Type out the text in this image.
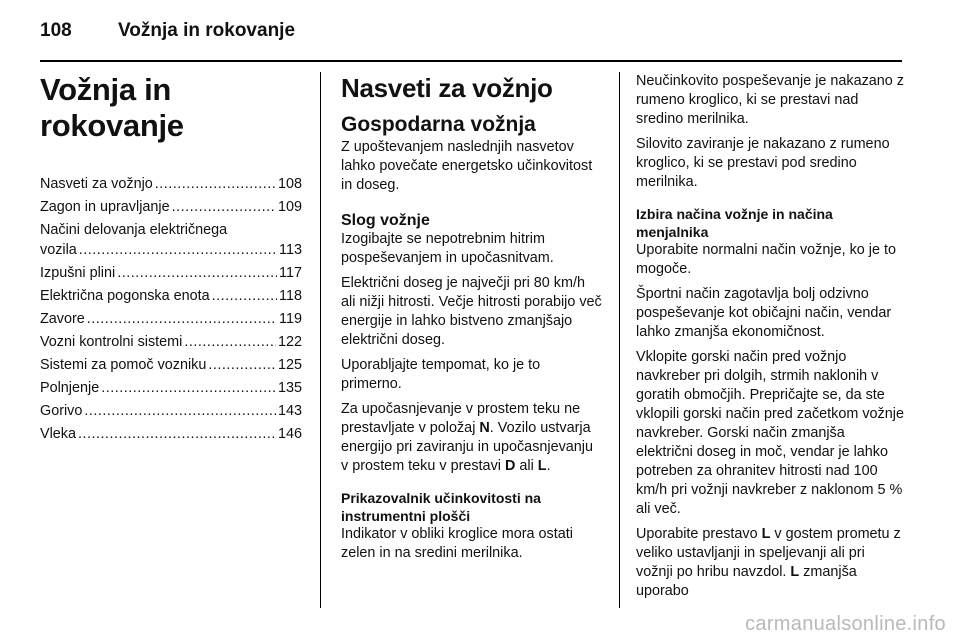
108 Vožnja in rokovanje
Vožnja in rokovanje
Nasveti za vožnjo .....	108
Zagon in upravljanje .....	109
Načini delovanja električnega
vozila .....	113
Izpušni plini .....	117
Električna pogonska enota .....	118
Zavore .....	119
Vozni kontrolni sistemi .....	122
Sistemi za pomoč vozniku .....	125
Polnjenje .....	135
Gorivo .....	143
Vleka .....	146
Nasveti za vožnjo
Gospodarna vožnja

Z upoštevanjem naslednjih nasvetov lahko povečate energetsko učinkovitost in doseg.

Slog vožnje

Izogibajte se nepotrebnim hitrim pospeševanjem in upočasnitvam.

Električni doseg je največji pri 80 km/h ali nižji hitrosti. Večje hitrosti porabijo več energije in lahko bistveno zmanjšajo električni doseg.

Uporabljajte tempomat, ko je to primerno.

Za upočasnjevanje v prostem teku ne prestavljate v položaj N. Vozilo ustvarja energijo pri zaviranju in upočasnjevanju v prostem teku v prestavi D ali L.

Prikazovalnik učinkovitosti na instrumentni plošči

Indikator v obliki kroglice mora ostati zelen in na sredini merilnika.

Neučinkovito pospeševanje je nakazano z rumeno kroglico, ki se prestavi nad sredino merilnika.

Silovito zaviranje je nakazano z rumeno kroglico, ki se prestavi pod sredino merilnika.

Izbira načina vožnje in načina menjalnika

Uporabite normalni način vožnje, ko je to mogoče.

Športni način zagotavlja bolj odzivno pospeševanje kot običajni način, vendar lahko zmanjša ekonomičnost.

Vklopite gorski način pred vožnjo navkreber pri dolgih, strmih naklonih v goratih območjih. Prepričajte se, da ste vklopili gorski način pred začetkom vožnje navkreber. Gorski način zmanjša električni doseg in moč, vendar je lahko potreben za ohranitev hitrosti nad 100 km/h pri vožnji navkreber z naklonom 5 % ali več.

Uporabite prestavo L v gostem prometu z veliko ustavljanji in speljevanji ali pri vožnji po hribu navzdol. L zmanjša uporabo

carmanualsonline.info
